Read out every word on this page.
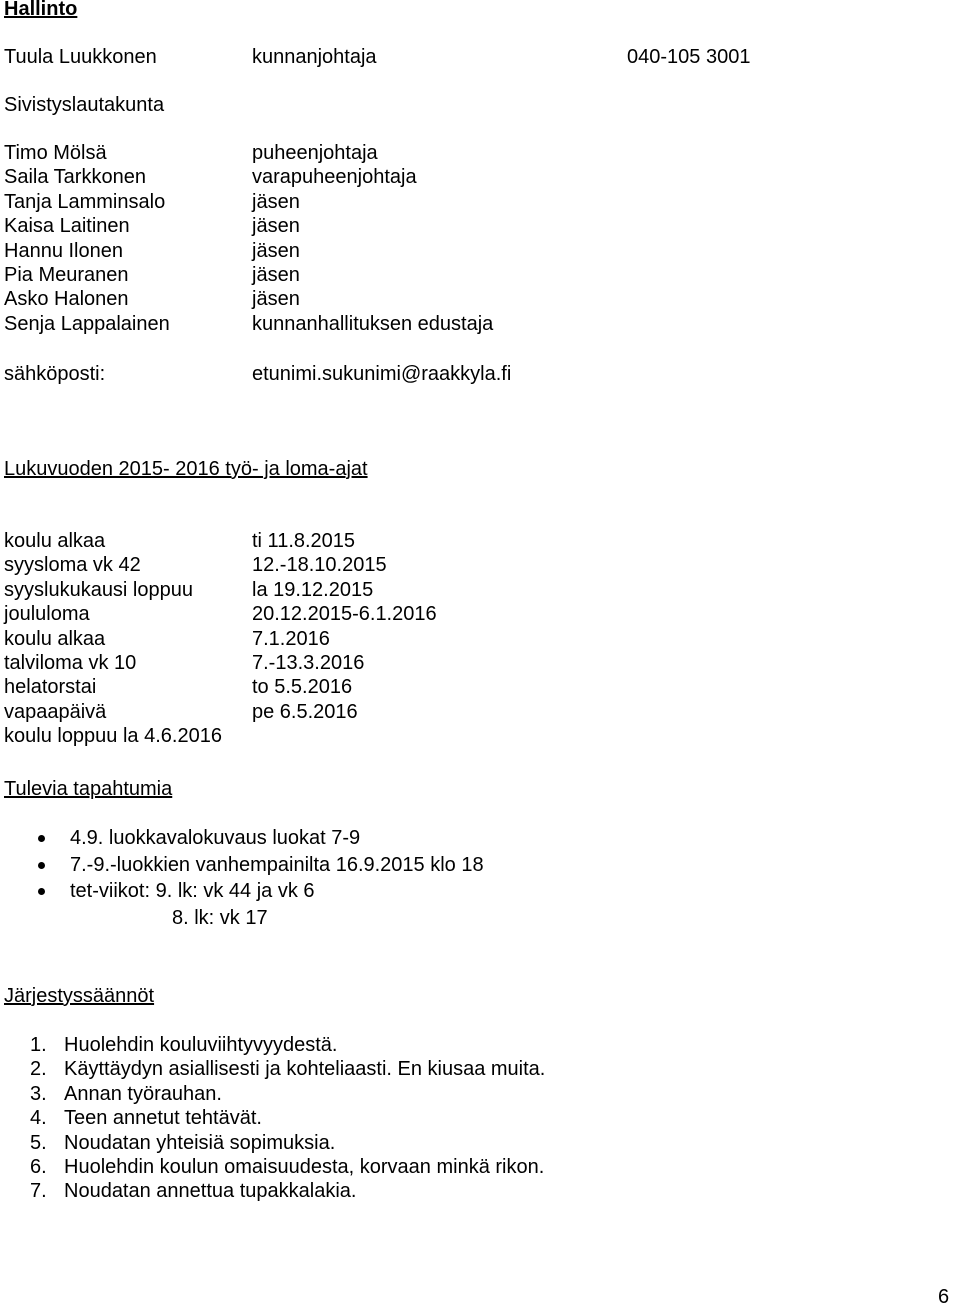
Hallinto
Tuula Luukkonen	kunnanjohtaja	040-105 3001
Sivistyslautakunta
Timo Mölsä	puheenjohtaja
Saila Tarkkonen	varapuheenjohtaja
Tanja Lamminsalo	jäsen
Kaisa Laitinen	jäsen
Hannu Ilonen	jäsen
Pia Meuranen	jäsen
Asko Halonen	jäsen
Senja Lappalainen	kunnanhallituksen edustaja
sähköposti:	etunimi.sukunimi@raakkyla.fi
Lukuvuoden 2015- 2016 työ- ja loma-ajat
koulu alkaa	ti 11.8.2015
syysloma vk 42	12.-18.10.2015
syyslukukausi loppuu	la 19.12.2015
joululoma	20.12.2015-6.1.2016
koulu alkaa	7.1.2016
talviloma vk 10	7.-13.3.2016
helatorstai	to 5.5.2016
vapaapäivä	pe 6.5.2016
koulu loppuu la 4.6.2016
Tulevia tapahtumia
4.9. luokkavalokuvaus luokat 7-9
7.-9.-luokkien vanhempainilta 16.9.2015 klo 18
tet-viikot: 9. lk: vk 44 ja vk 6
8. lk: vk 17
Järjestyssäännöt
1. Huolehdin kouluviihtyvyydestä.
2. Käyttäydyn asiallisesti ja kohteliaasti. En kiusaa muita.
3. Annan työrauhan.
4. Teen annetut tehtävät.
5. Noudatan yhteisiä sopimuksia.
6. Huolehdin koulun omaisuudesta, korvaan minkä rikon.
7. Noudatan annettua tupakkalakia.
6
